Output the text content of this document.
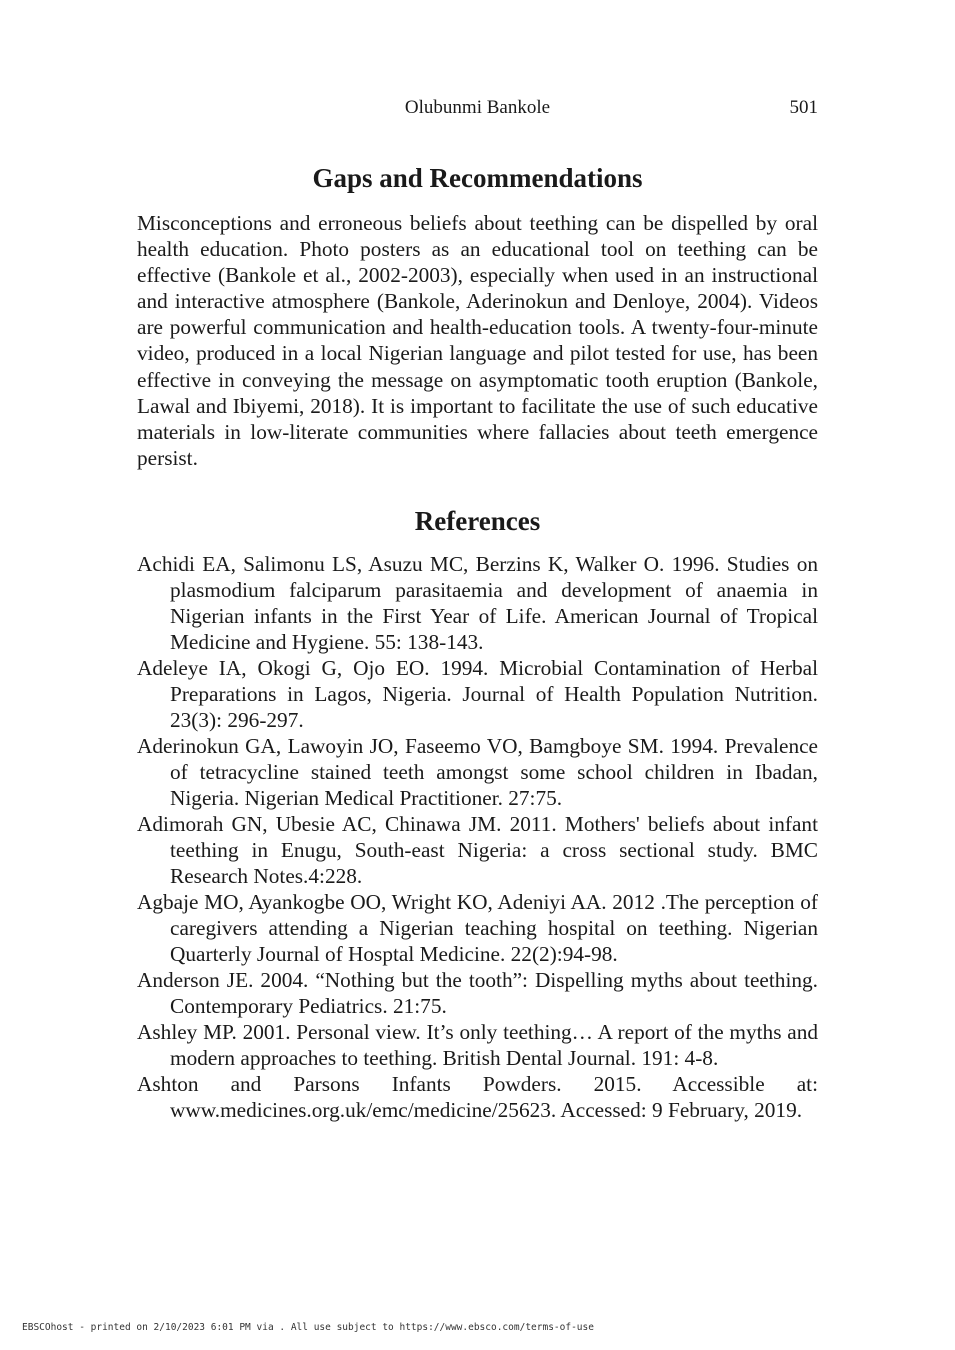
Olubunmi Bankole	501
Gaps and Recommendations

Misconceptions and erroneous beliefs about teething can be dispelled by oral health education. Photo posters as an educational tool on teething can be effective (Bankole et al., 2002-2003), especially when used in an instructional and interactive atmosphere (Bankole, Aderinokun and Denloye, 2004). Videos are powerful communication and health-education tools. A twenty-four-minute video, produced in a local Nigerian language and pilot tested for use, has been effective in conveying the message on asymptomatic tooth eruption (Bankole, Lawal and Ibiyemi, 2018). It is important to facilitate the use of such educative materials in low-literate communities where fallacies about teeth emergence persist.

References
Achidi EA, Salimonu LS, Asuzu MC, Berzins K, Walker O. 1996. Studies on plasmodium falciparum parasitaemia and development of anaemia in Nigerian infants in the First Year of Life. American Journal of Tropical Medicine and Hygiene. 55: 138-143.
Adeleye IA, Okogi G, Ojo EO. 1994. Microbial Contamination of Herbal Preparations in Lagos, Nigeria. Journal of Health Population Nutrition. 23(3): 296-297.
Aderinokun GA, Lawoyin JO, Faseemo VO, Bamgboye SM. 1994. Prevalence of tetracycline stained teeth amongst some school children in Ibadan, Nigeria. Nigerian Medical Practitioner. 27:75.
Adimorah GN, Ubesie AC, Chinawa JM. 2011. Mothers' beliefs about infant teething in Enugu, South-east Nigeria: a cross sectional study. BMC Research Notes.4:228.
Agbaje MO, Ayankogbe OO, Wright KO, Adeniyi AA. 2012 .The perception of caregivers attending a Nigerian teaching hospital on teething. Nigerian Quarterly Journal of Hosptal Medicine. 22(2):94-98.
Anderson JE. 2004. “Nothing but the tooth”: Dispelling myths about teething. Contemporary Pediatrics. 21:75.
Ashley MP. 2001. Personal view. It’s only teething… A report of the myths and modern approaches to teething. British Dental Journal. 191: 4-8.
Ashton and Parsons Infants Powders. 2015. Accessible at: www.medicines.org.uk/emc/medicine/25623. Accessed: 9 February, 2019.
EBSCOhost - printed on 2/10/2023 6:01 PM via . All use subject to https://www.ebsco.com/terms-of-use
